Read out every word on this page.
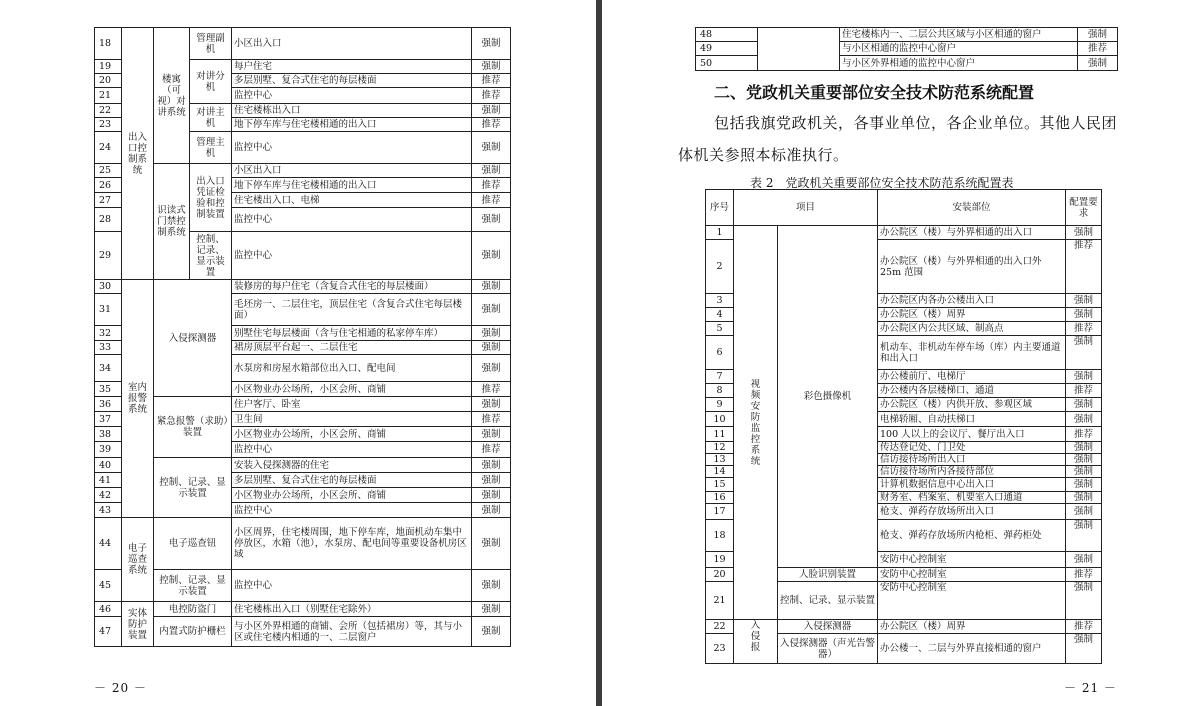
18	出入口控制系统	楼寓（可视）对讲系统	管理副机	小区出入口	强制
19			对讲分机	每户住宅	强制
20				多层别墅、复合式住宅的每层楼面	推荐
21				监控中心	推荐
22			对讲主机	住宅楼栋出入口	强制
23				地下停车库与住宅楼相通的出入口	推荐
24			管理主机	监控中心	强制
25		识读式门禁控制系统	出入口凭证检验和控制装置	小区出入口	强制
26				地下停车库与住宅楼相通的出入口	推荐
27				住宅楼出入口、电梯	推荐
28				监控中心	强制
29			控制、记录、显示装置	监控中心	强制
30	室内报警系统	入侵探测器		装修房的每户住宅（含复合式住宅的每层楼面）	强制
31				毛坯房一、二层住宅，顶层住宅（含复合式住宅每层楼面）	强制
32				别墅住宅每层楼面（含与住宅相通的私家停车库）	强制
33				裙房顶层平台起一、二层住宅	强制
34				水泵房和房屋水箱部位出入口、配电间	强制
35				小区物业办公场所，小区会所、商铺	推荐
36		紧急报警（求助）装置		住户客厅、卧室	强制
37				卫生间	推荐
38				小区物业办公场所，小区会所、商铺	强制
39				监控中心	推荐
40		控制、记录、显示装置		安装入侵探测器的住宅	强制
41				多层别墅、复合式住宅的每层楼面	强制
42				小区物业办公场所，小区会所、商铺	强制
43				监控中心	强制
44	电子巡查系统	电子巡查钮		小区周界，住宅楼周围，地下停车库，地面机动车集中停放区，水箱（池），水泵房、配电间等重要设备机房区域	强制
45		控制、记录、显示装置		监控中心	强制
46	实体防护装置	电控防盗门		住宅楼栋出入口（别墅住宅除外）	强制
47		内置式防护栅栏		与小区外界相通的商铺、会所（包括裙房）等，其与小区或住宅楼内相通的一、二层窗户	强制
－ 20 －
48		住宅楼栋内一、二层公共区域与小区相通的窗户	强制
49		与小区相通的监控中心窗户	推荐
50		与小区外界相通的监控中心窗户	强制
二、党政机关重要部位安全技术防范系统配置
包括我旗党政机关，各事业单位，各企业单位。其他人民团
体机关参照本标准执行。
表 2　党政机关重要部位安全技术防范系统配置表
序号	项目		安装部位	配置要求
1	视频安防监控系统	彩色摄像机	办公院区（楼）与外界相通的出入口	强制
2			办公院区（楼）与外界相通的出入口外 25m 范围	推荐
3			办公院区内各办公楼出入口	强制
4			办公院区（楼）周界	强制
5			办公院区内公共区域、制高点	推荐
6			机动车、非机动车停车场（库）内主要通道和出入口	强制
7			办公楼前厅、电梯厅	强制
8			办公楼内各层楼梯口、通道	推荐
9			办公院区（楼）内供开放、参观区域	强制
10			电梯轿厢、自动扶梯口	强制
11			100 人以上的会议厅、餐厅出入口	推荐
12			传达登记处、门卫处	强制
13			信访接待场所出入口	强制
14			信访接待场所内各接待部位	强制
15			计算机数据信息中心出入口	强制
16			财务室、档案室、机要室入口通道	强制
17			枪支、弹药存放场所出入口	强制
18			枪支、弹药存放场所内枪柜、弹药柜处	强制
19			安防中心控制室	强制
20		人脸识别装置	安防中心控制室	推荐
21		控制、记录、显示装置	安防中心控制室	强制
22	入侵报	入侵探测器	办公院区（楼）周界	推荐
23		入侵探测器（声光告警器）	办公楼一、二层与外界直接相通的窗户	强制
－ 21 －
